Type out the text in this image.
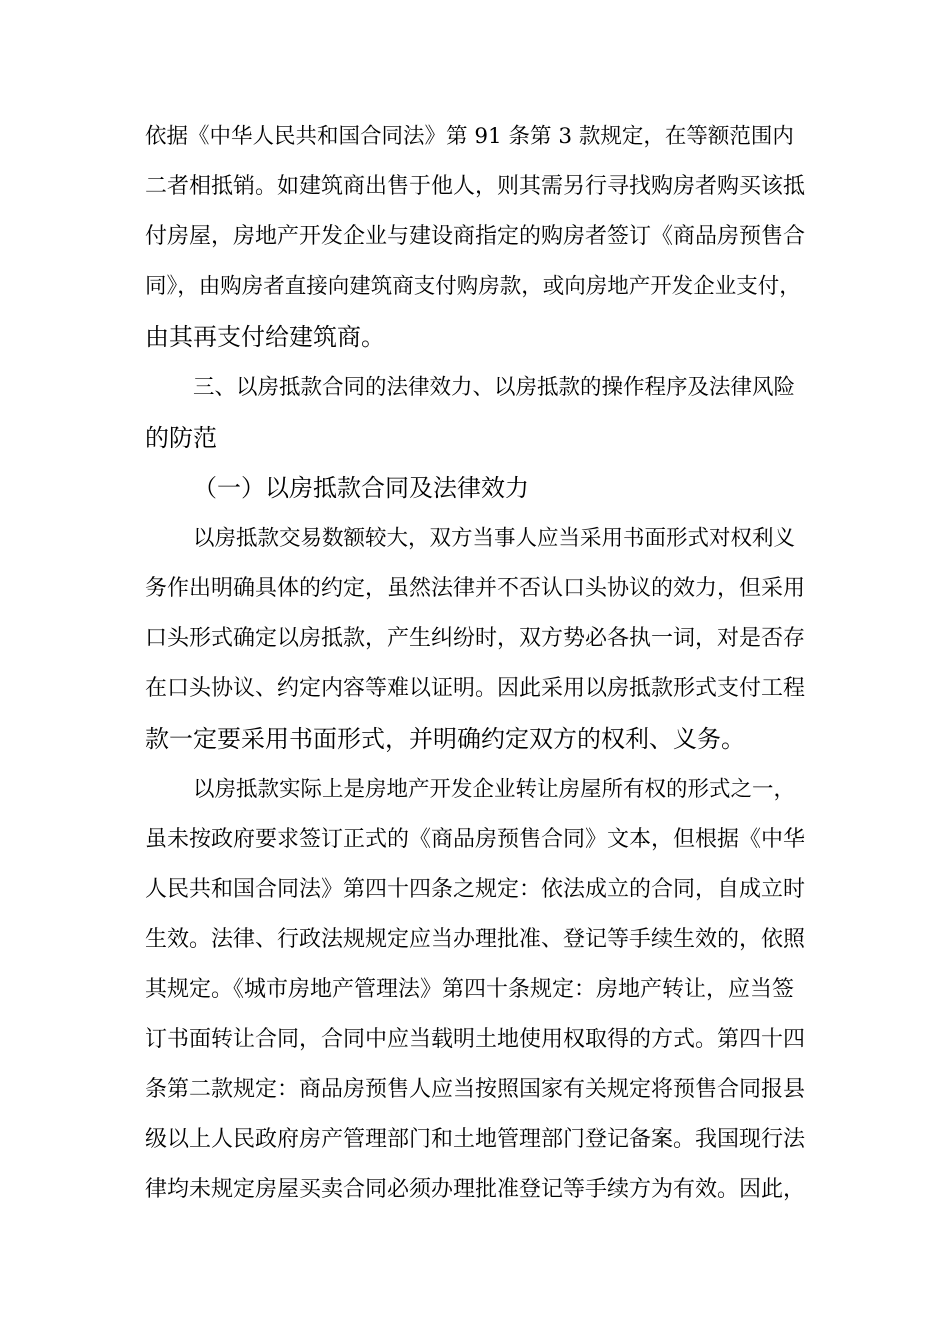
依据《中华人民共和国合同法》第 91 条第 3 款规定，在等额范围内
二者相抵销。如建筑商出售于他人，则其需另行寻找购房者购买该抵
付房屋，房地产开发企业与建设商指定的购房者签订《商品房预售合
同》，由购房者直接向建筑商支付购房款，或向房地产开发企业支付，
由其再支付给建筑商。
三、以房抵款合同的法律效力、以房抵款的操作程序及法律风险
的防范
（一）以房抵款合同及法律效力
以房抵款交易数额较大，双方当事人应当采用书面形式对权利义
务作出明确具体的约定，虽然法律并不否认口头协议的效力，但采用
口头形式确定以房抵款，产生纠纷时，双方势必各执一词，对是否存
在口头协议、约定内容等难以证明。因此采用以房抵款形式支付工程
款一定要采用书面形式，并明确约定双方的权利、义务。
以房抵款实际上是房地产开发企业转让房屋所有权的形式之一，
虽未按政府要求签订正式的《商品房预售合同》文本，但根据《中华
人民共和国合同法》第四十四条之规定：依法成立的合同，自成立时
生效。法律、行政法规规定应当办理批准、登记等手续生效的，依照
其规定。《城市房地产管理法》第四十条规定：房地产转让，应当签
订书面转让合同，合同中应当载明土地使用权取得的方式。第四十四
条第二款规定：商品房预售人应当按照国家有关规定将预售合同报县
级以上人民政府房产管理部门和土地管理部门登记备案。我国现行法
律均未规定房屋买卖合同必须办理批准登记等手续方为有效。因此，
